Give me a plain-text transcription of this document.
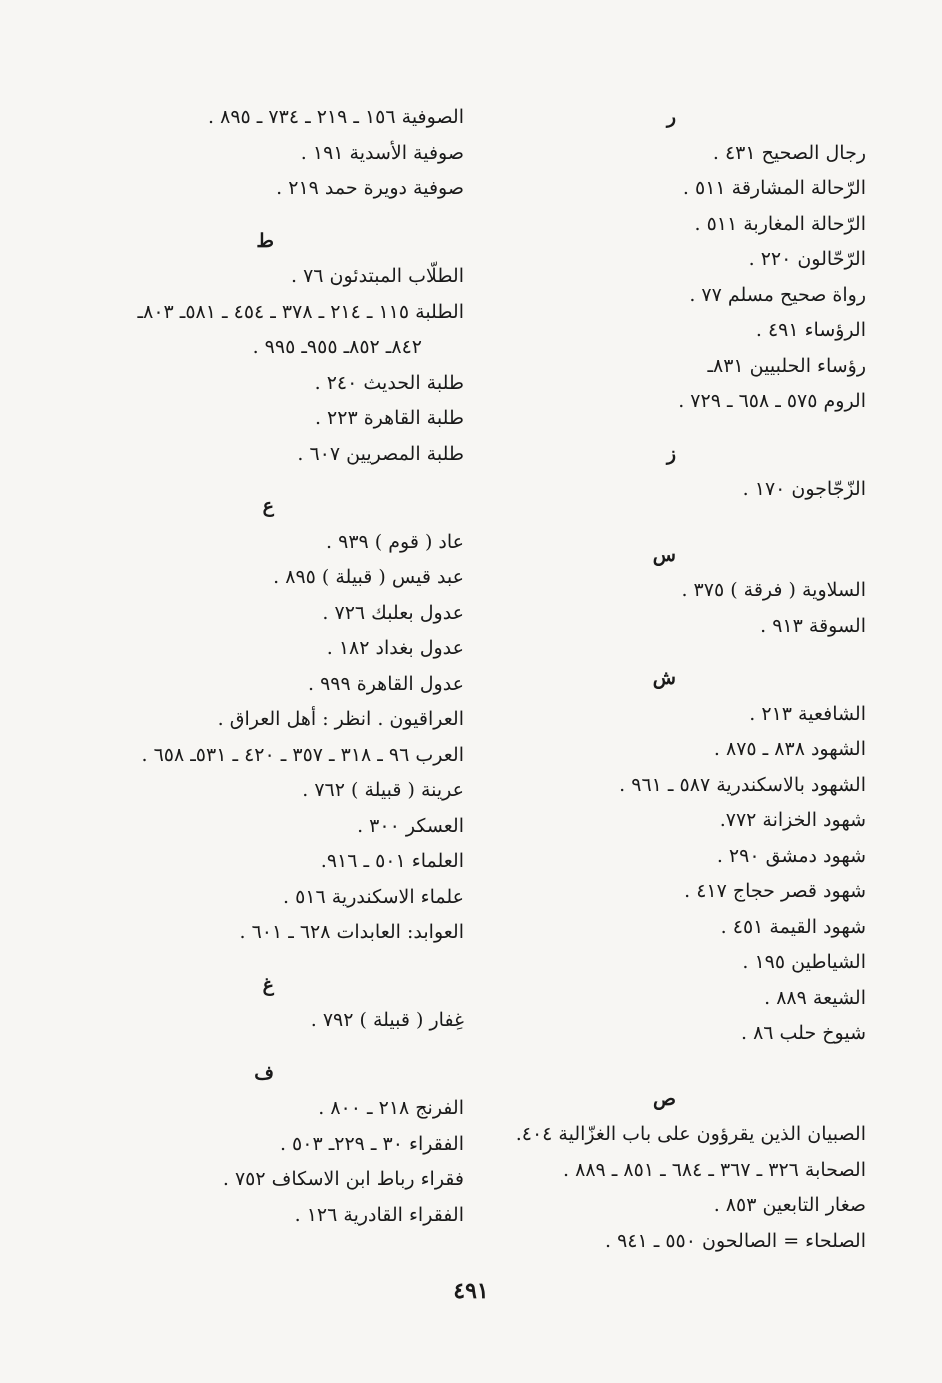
ر
رجال الصحيح ٤٣١ .
الرّحالة المشارقة ٥١١ .
الرّحالة المغاربة ٥١١ .
الرّحّالون ٢٢٠ .
رواة صحيح مسلم ٧٧ .
الرؤساء ٤٩١ .
رؤساء الحلبيين ٨٣١ـ
الروم ٥٧٥ ـ ٦٥٨ ـ ٧٢٩ .
ز
الزّجّاجون ١٧٠ .
س
السلاوية ( فرقة ) ٣٧٥ .
السوقة ٩١٣ .
ش
الشافعية ٢١٣ .
الشهود ٨٣٨ ـ ٨٧٥ .
الشهود بالاسكندرية ٥٨٧ ـ ٩٦١ .
شهود الخزانة ٧٧٢.
شهود دمشق ٢٩٠ .
شهود قصر حجاج ٤١٧ .
شهود القيمة ٤٥١ .
الشياطين ١٩٥ .
الشيعة ٨٨٩ .
شيوخ حلب ٨٦ .
ص
الصبيان الذين يقرؤون على باب الغزّالية ٤٠٤.
الصحابة ٣٢٦ ـ ٣٦٧ ـ ٦٨٤ ـ ٨٥١ ـ ٨٨٩ .
صغار التابعين ٨٥٣ .
الصلحاء = الصالحون ٥٥٠ ـ ٩٤١ .
الصوفية ١٥٦ ـ ٢١٩ ـ ٧٣٤ ـ ٨٩٥ .
صوفية الأسدية ١٩١ .
صوفية دويرة حمد ٢١٩ .
ط
الطلّاب المبتدئون ٧٦ .
الطلبة ١١٥ ـ ٢١٤ ـ ٣٧٨ ـ ٤٥٤ ـ ٥٨١ـ ٨٠٣ـ
٨٤٢ـ ٨٥٢ـ ٩٥٥ـ ٩٩٥ .
طلبة الحديث ٢٤٠ .
طلبة القاهرة ٢٢٣ .
طلبة المصريين ٦٠٧ .
ع
عاد ( قوم ) ٩٣٩ .
عبد قيس ( قبيلة ) ٨٩٥ .
عدول بعلبك ٧٢٦ .
عدول بغداد ١٨٢ .
عدول القاهرة ٩٩٩ .
العراقيون . انظر : أهل العراق .
العرب ٩٦ ـ ٣١٨ ـ ٣٥٧ ـ ٤٢٠ ـ ٥٣١ـ ٦٥٨ .
عرينة ( قبيلة ) ٧٦٢ .
العسكر ٣٠٠ .
العلماء ٥٠١ ـ ٩١٦.
علماء الاسكندرية ٥١٦ .
العوابد: العابدات ٦٢٨ ـ ٦٠١ .
غ
غِفار ( قبيلة ) ٧٩٢ .
ف
الفرنج ٢١٨ ـ ٨٠٠ .
الفقراء ٣٠ ـ ٢٢٩ـ ٥٠٣ .
فقراء رباط ابن الاسكاف ٧٥٢ .
الفقراء القادرية ١٢٦ .
٤٩١
